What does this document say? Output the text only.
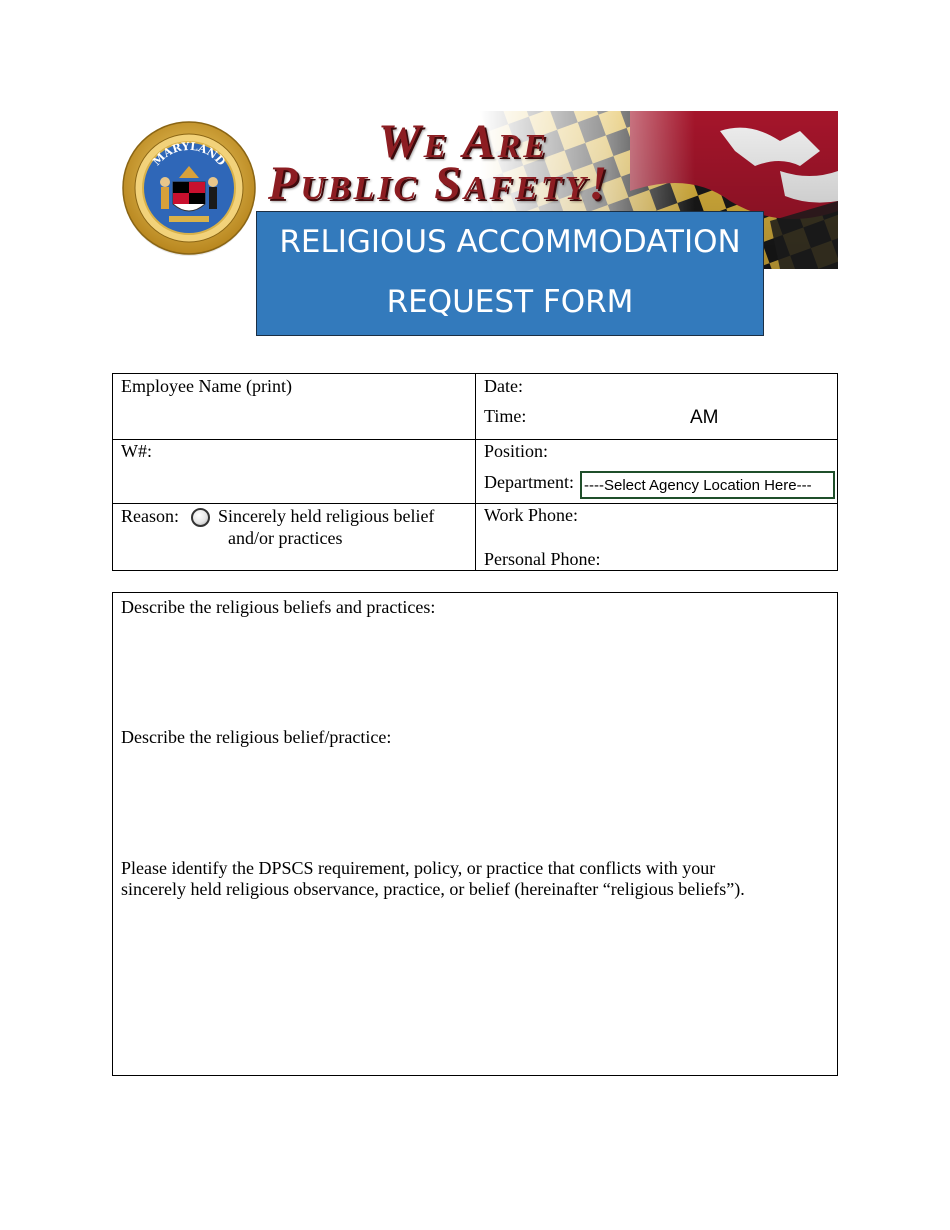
MARYLAND	We Are
Public Safety!
RELIGIOUS ACCOMMODATION
REQUEST FORM
Employee Name (print)	Date:
Time:	AM
W#:	Position:
Department: ----Select Agency Location Here---
Reason: Sincerely held religious belief
and/or practices
Work Phone:
Personal Phone:
Describe the religious beliefs and practices:
Describe the religious belief/practice:
Please identify the DPSCS requirement, policy, or practice that conflicts with your
sincerely held religious observance, practice, or belief (hereinafter “religious beliefs”).
